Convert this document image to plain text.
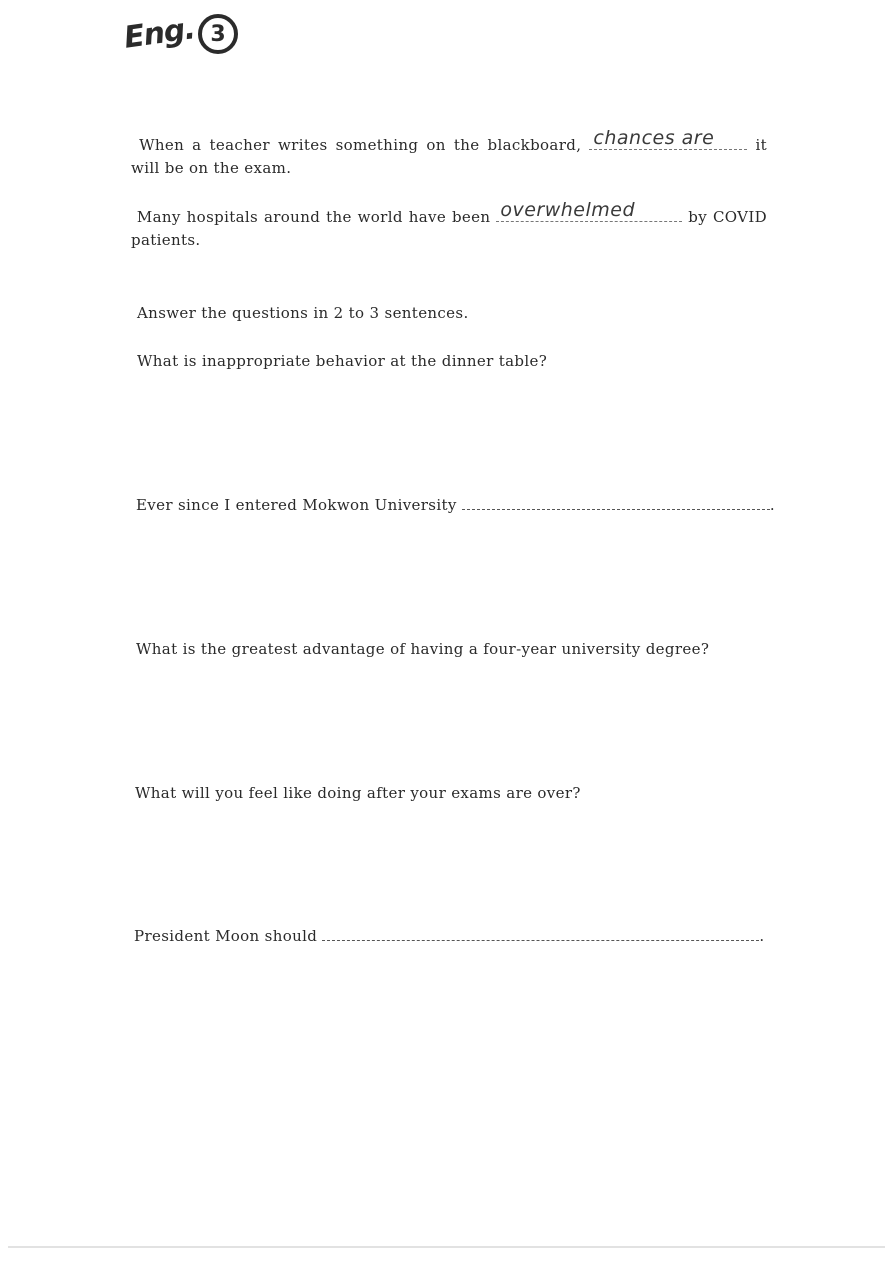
Eng. 3
When a teacher writes something on the blackboard, chances are	it will be on the exam.
Many hospitals around the world have been overwhelmed	by COVID patients.
Answer the questions in 2 to 3 sentences.
What is inappropriate behavior at the dinner table?
Ever since I entered Mokwon University	.
What is the greatest advantage of having a four-year university degree?
What will you feel like doing after your exams are over?
President Moon should	.
